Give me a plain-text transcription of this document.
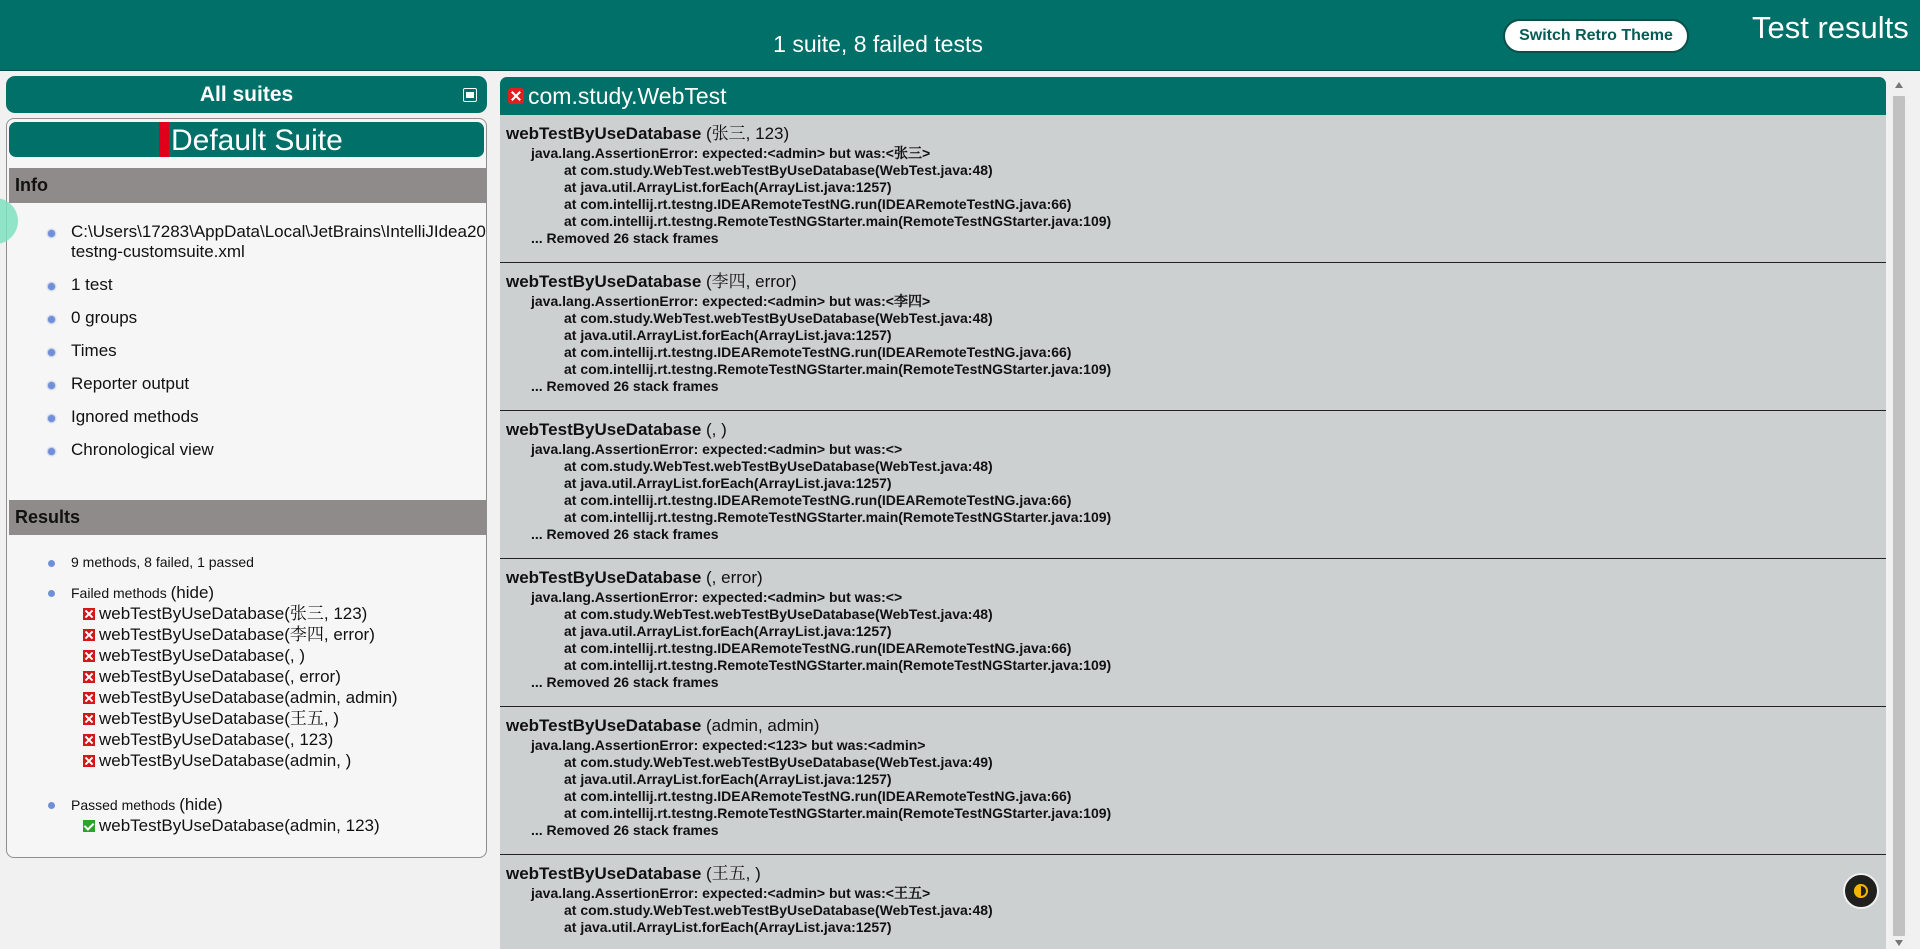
1 suite, 8 failed tests	Switch Retro Theme	Test results
All suites
Default Suite
Info
C:\Users\17283\AppData\Local\JetBrains\IntelliJIdea20
testng-customsuite.xml
1 test
0 groups
Times
Reporter output
Ignored methods
Chronological view
Results
9 methods, 8 failed, 1 passed
Failed methods (hide)
webTestByUseDatabase(张三, 123)
webTestByUseDatabase(李四, error)
webTestByUseDatabase(, )
webTestByUseDatabase(, error)
webTestByUseDatabase(admin, admin)
webTestByUseDatabase(王五, )
webTestByUseDatabase(, 123)
webTestByUseDatabase(admin, )
Passed methods (hide)
webTestByUseDatabase(admin, 123)
com.study.WebTest
webTestByUseDatabase (张三, 123)
java.lang.AssertionError: expected:<admin> but was:<张三>
at com.study.WebTest.webTestByUseDatabase(WebTest.java:48)
at java.util.ArrayList.forEach(ArrayList.java:1257)
at com.intellij.rt.testng.IDEARemoteTestNG.run(IDEARemoteTestNG.java:66)
at com.intellij.rt.testng.RemoteTestNGStarter.main(RemoteTestNGStarter.java:109)
... Removed 26 stack frames
webTestByUseDatabase (李四, error)
java.lang.AssertionError: expected:<admin> but was:<李四>
at com.study.WebTest.webTestByUseDatabase(WebTest.java:48)
at java.util.ArrayList.forEach(ArrayList.java:1257)
at com.intellij.rt.testng.IDEARemoteTestNG.run(IDEARemoteTestNG.java:66)
at com.intellij.rt.testng.RemoteTestNGStarter.main(RemoteTestNGStarter.java:109)
... Removed 26 stack frames
webTestByUseDatabase (, )
java.lang.AssertionError: expected:<admin> but was:<>
at com.study.WebTest.webTestByUseDatabase(WebTest.java:48)
at java.util.ArrayList.forEach(ArrayList.java:1257)
at com.intellij.rt.testng.IDEARemoteTestNG.run(IDEARemoteTestNG.java:66)
at com.intellij.rt.testng.RemoteTestNGStarter.main(RemoteTestNGStarter.java:109)
... Removed 26 stack frames
webTestByUseDatabase (, error)
java.lang.AssertionError: expected:<admin> but was:<>
at com.study.WebTest.webTestByUseDatabase(WebTest.java:48)
at java.util.ArrayList.forEach(ArrayList.java:1257)
at com.intellij.rt.testng.IDEARemoteTestNG.run(IDEARemoteTestNG.java:66)
at com.intellij.rt.testng.RemoteTestNGStarter.main(RemoteTestNGStarter.java:109)
... Removed 26 stack frames
webTestByUseDatabase (admin, admin)
java.lang.AssertionError: expected:<123> but was:<admin>
at com.study.WebTest.webTestByUseDatabase(WebTest.java:49)
at java.util.ArrayList.forEach(ArrayList.java:1257)
at com.intellij.rt.testng.IDEARemoteTestNG.run(IDEARemoteTestNG.java:66)
at com.intellij.rt.testng.RemoteTestNGStarter.main(RemoteTestNGStarter.java:109)
... Removed 26 stack frames
webTestByUseDatabase (王五, )
java.lang.AssertionError: expected:<admin> but was:<王五>
at com.study.WebTest.webTestByUseDatabase(WebTest.java:48)
at java.util.ArrayList.forEach(ArrayList.java:1257)
